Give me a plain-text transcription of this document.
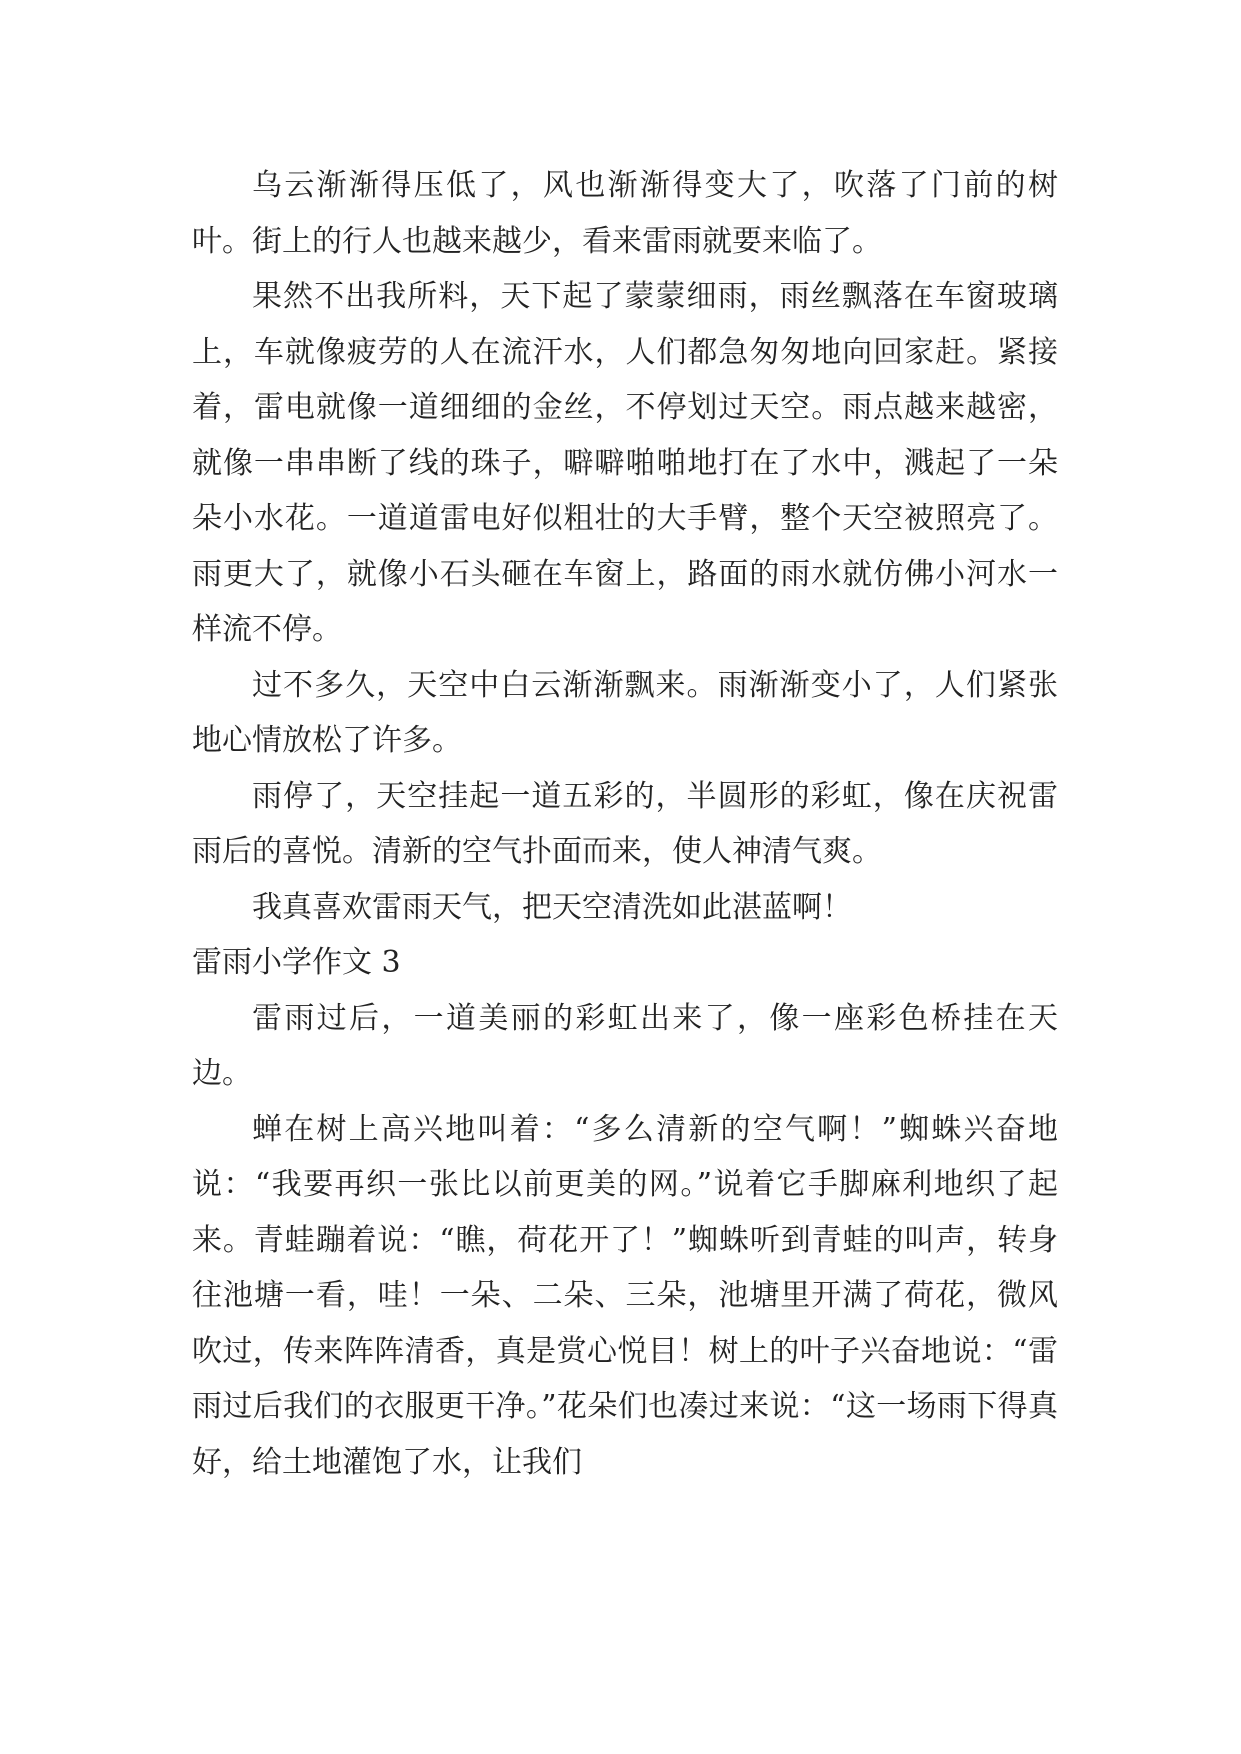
乌云渐渐得压低了，风也渐渐得变大了，吹落了门前的树叶。街上的行人也越来越少，看来雷雨就要来临了。

果然不出我所料，天下起了蒙蒙细雨，雨丝飘落在车窗玻璃上，车就像疲劳的人在流汗水，人们都急匆匆地向回家赶。紧接着，雷电就像一道细细的金丝，不停划过天空。雨点越来越密，就像一串串断了线的珠子，噼噼啪啪地打在了水中，溅起了一朵朵小水花。一道道雷电好似粗壮的大手臂，整个天空被照亮了。雨更大了，就像小石头砸在车窗上，路面的雨水就仿佛小河水一样流不停。

过不多久，天空中白云渐渐飘来。雨渐渐变小了，人们紧张地心情放松了许多。

雨停了，天空挂起一道五彩的，半圆形的彩虹，像在庆祝雷雨后的喜悦。清新的空气扑面而来，使人神清气爽。

我真喜欢雷雨天气，把天空清洗如此湛蓝啊！

雷雨小学作文 3

雷雨过后，一道美丽的彩虹出来了，像一座彩色桥挂在天边。

蝉在树上高兴地叫着：“多么清新的空气啊！”蜘蛛兴奋地说：“我要再织一张比以前更美的网。”说着它手脚麻利地织了起来。青蛙蹦着说：“瞧，荷花开了！”蜘蛛听到青蛙的叫声，转身往池塘一看，哇！一朵、二朵、三朵，池塘里开满了荷花，微风吹过，传来阵阵清香，真是赏心悦目！树上的叶子兴奋地说：“雷雨过后我们的衣服更干净。”花朵们也凑过来说：“这一场雨下得真好，给土地灌饱了水，让我们
